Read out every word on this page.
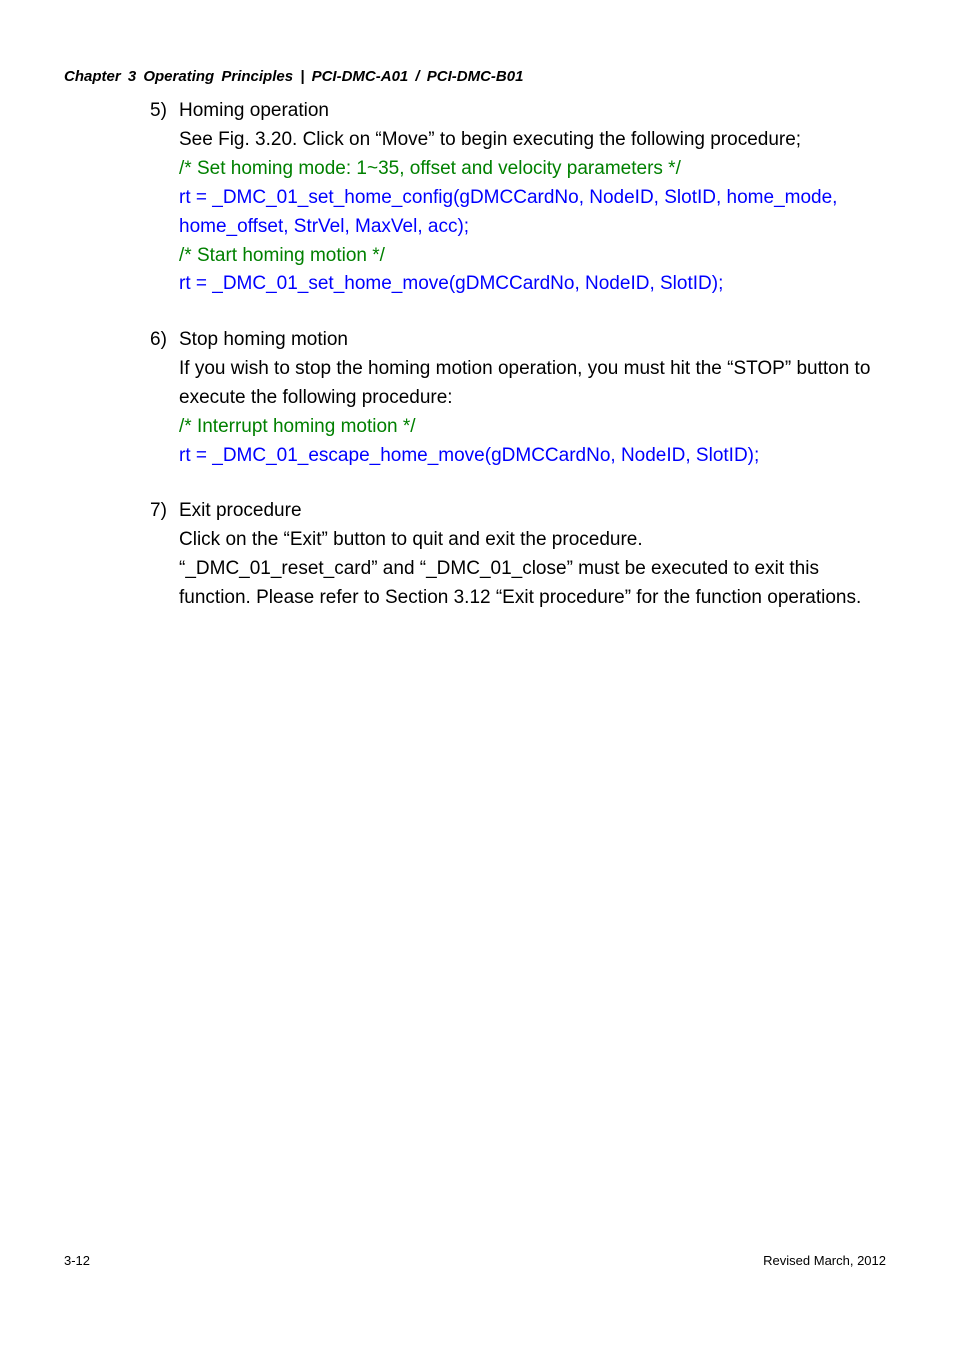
Chapter 3 Operating Principles | PCI-DMC-A01 / PCI-DMC-B01
5) Homing operation
See Fig. 3.20. Click on “Move” to begin executing the following procedure;
/* Set homing mode: 1~35, offset and velocity parameters */
rt = _DMC_01_set_home_config(gDMCCardNo, NodeID, SlotID, home_mode,
home_offset, StrVel, MaxVel, acc);
/* Start homing motion */
rt = _DMC_01_set_home_move(gDMCCardNo, NodeID, SlotID);
6) Stop homing motion
If you wish to stop the homing motion operation, you must hit the “STOP” button to
execute the following procedure:
/* Interrupt homing motion */
rt = _DMC_01_escape_home_move(gDMCCardNo, NodeID, SlotID);
7) Exit procedure
Click on the “Exit” button to quit and exit the procedure.
“_DMC_01_reset_card” and “_DMC_01_close” must be executed to exit this
function. Please refer to Section 3.12 “Exit procedure” for the function operations.
3-12	Revised March, 2012
